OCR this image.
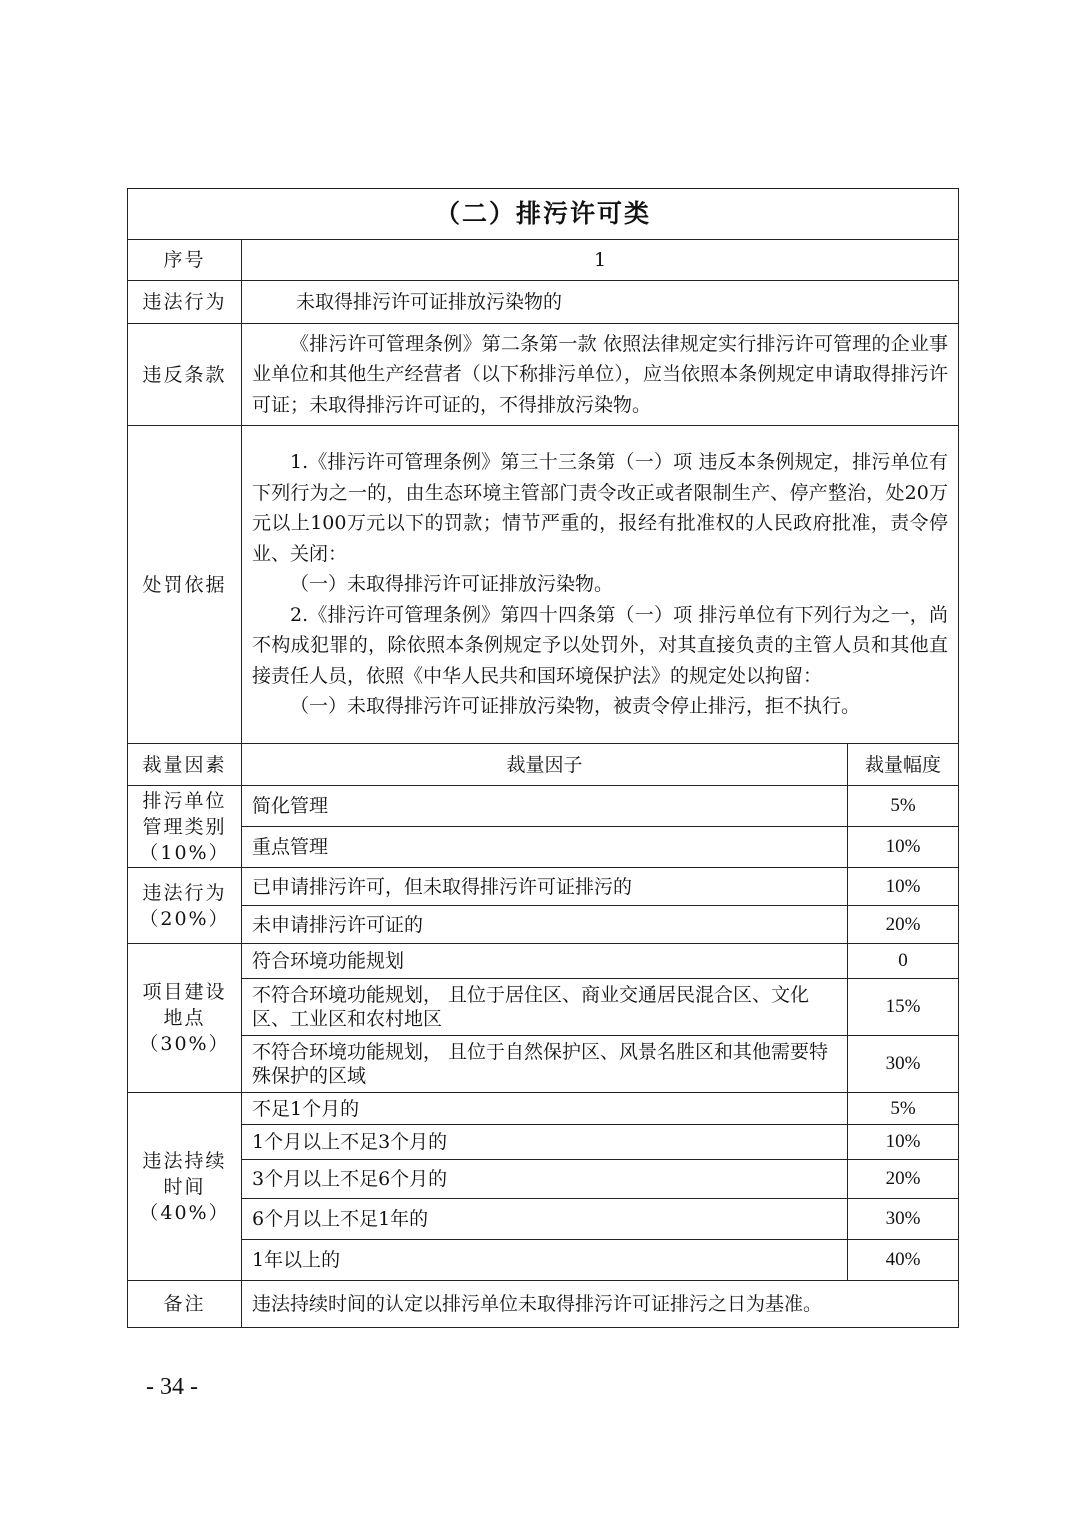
（二）排污许可类		
序号	1	
违法行为	未取得排污许可证排放污染物的	
违反条款	《排污许可管理条例》第二条第一款 依照法律规定实行排污许可管理的企业事业单位和其他生产经营者（以下称排污单位），应当依照本条例规定申请取得排污许可证；未取得排污许可证的，不得排放污染物。	
处罚依据	1.《排污许可管理条例》第三十三条第（一）项 违反本条例规定，排污单位有下列行为之一的，由生态环境主管部门责令改正或者限制生产、停产整治，处20万元以上100万元以下的罚款；情节严重的，报经有批准权的人民政府批准，责令停业、关闭：

（一）未取得排污许可证排放污染物。

2.《排污许可管理条例》第四十四条第（一）项 排污单位有下列行为之一，尚不构成犯罪的，除依照本条例规定予以处罚外，对其直接负责的主管人员和其他直接责任人员，依照《中华人民共和国环境保护法》的规定处以拘留：

（一）未取得排污许可证排放污染物，被责令停止排污，拒不执行。	

裁量因素	裁量因子	裁量幅度

排污单位
管理类别
（10%）	简化管理	5%
	重点管理	10%

违法行为
（20%）	已申请排污许可，但未取得排污许可证排污的	10%
	未申请排污许可证的	20%

项目建设
地点
（30%）	符合环境功能规划	0
	不符合环境功能规划， 且位于居住区、商业交通居民混合区、文化区、工业区和农村地区	15%
	不符合环境功能规划， 且位于自然保护区、风景名胜区和其他需要特殊保护的区域	30%

违法持续
时间
（40%）	不足1个月的	5%
	1个月以上不足3个月的	10%
	3个月以上不足6个月的	20%
	6个月以上不足1年的	30%
	1年以上的	40%
备注	违法持续时间的认定以排污单位未取得排污许可证排污之日为基准。	
- 34 -
